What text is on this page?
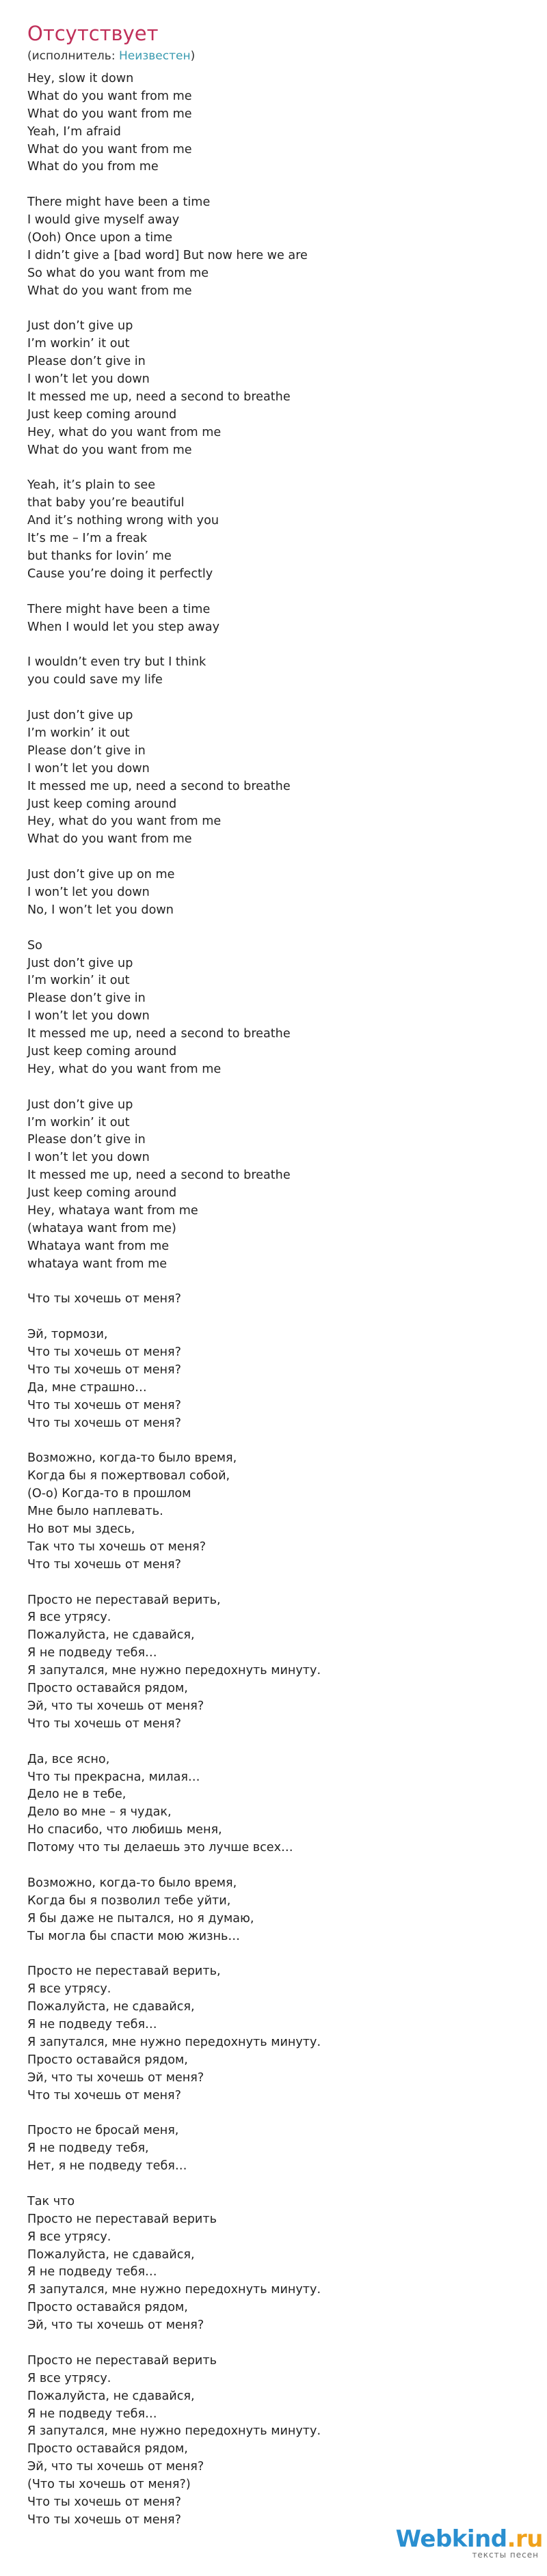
Отсутствует
(исполнитель: Неизвестен)
Hey, slow it down
What do you want from me
What do you want from me
Yeah, I’m afraid
What do you want from me
What do you from me
There might have been a time
I would give myself away
(Ooh) Once upon a time
I didn’t give a [bad word] But now here we are
So what do you want from me
What do you want from me
Just don’t give up
I’m workin’ it out
Please don’t give in
I won’t let you down
It messed me up, need a second to breathe
Just keep coming around
Hey, what do you want from me
What do you want from me
Yeah, it’s plain to see
that baby you’re beautiful
And it’s nothing wrong with you
It’s me – I’m a freak
but thanks for lovin’ me
Cause you’re doing it perfectly
There might have been a time
When I would let you step away
I wouldn’t even try but I think
you could save my life
Just don’t give up
I’m workin’ it out
Please don’t give in
I won’t let you down
It messed me up, need a second to breathe
Just keep coming around
Hey, what do you want from me
What do you want from me
Just don’t give up on me
I won’t let you down
No, I won’t let you down
So
Just don’t give up
I’m workin’ it out
Please don’t give in
I won’t let you down
It messed me up, need a second to breathe
Just keep coming around
Hey, what do you want from me
Just don’t give up
I’m workin’ it out
Please don’t give in
I won’t let you down
It messed me up, need a second to breathe
Just keep coming around
Hey, whataya want from me
(whataya want from me)
Whataya want from me
whataya want from me
Что ты хочешь от меня?
Эй, тормози,
Что ты хочешь от меня?
Что ты хочешь от меня?
Да, мне страшно…
Что ты хочешь от меня?
Что ты хочешь от меня?
Возможно, когда-то было время,
Когда бы я пожертвовал собой,
(О-о) Когда-то в прошлом
Мне было наплевать.
Но вот мы здесь,
Так что ты хочешь от меня?
Что ты хочешь от меня?
Просто не переставай верить,
Я все утрясу.
Пожалуйста, не сдавайся,
Я не подведу тебя…
Я запутался, мне нужно передохнуть минуту.
Просто оставайся рядом,
Эй, что ты хочешь от меня?
Что ты хочешь от меня?
Да, все ясно,
Что ты прекрасна, милая…
Дело не в тебе,
Дело во мне – я чудак,
Но спасибо, что любишь меня,
Потому что ты делаешь это лучше всех…
Возможно, когда-то было время,
Когда бы я позволил тебе уйти,
Я бы даже не пытался, но я думаю,
Ты могла бы спасти мою жизнь…
Просто не переставай верить,
Я все утрясу.
Пожалуйста, не сдавайся,
Я не подведу тебя…
Я запутался, мне нужно передохнуть минуту.
Просто оставайся рядом,
Эй, что ты хочешь от меня?
Что ты хочешь от меня?
Просто не бросай меня,
Я не подведу тебя,
Нет, я не подведу тебя…
Так что
Просто не переставай верить
Я все утрясу.
Пожалуйста, не сдавайся,
Я не подведу тебя…
Я запутался, мне нужно передохнуть минуту.
Просто оставайся рядом,
Эй, что ты хочешь от меня?
Просто не переставай верить
Я все утрясу.
Пожалуйста, не сдавайся,
Я не подведу тебя…
Я запутался, мне нужно передохнуть минуту.
Просто оставайся рядом,
Эй, что ты хочешь от меня?
(Что ты хочешь от меня?)
Что ты хочешь от меня?
Что ты хочешь от меня?
Webkind.ru
тексты песен
